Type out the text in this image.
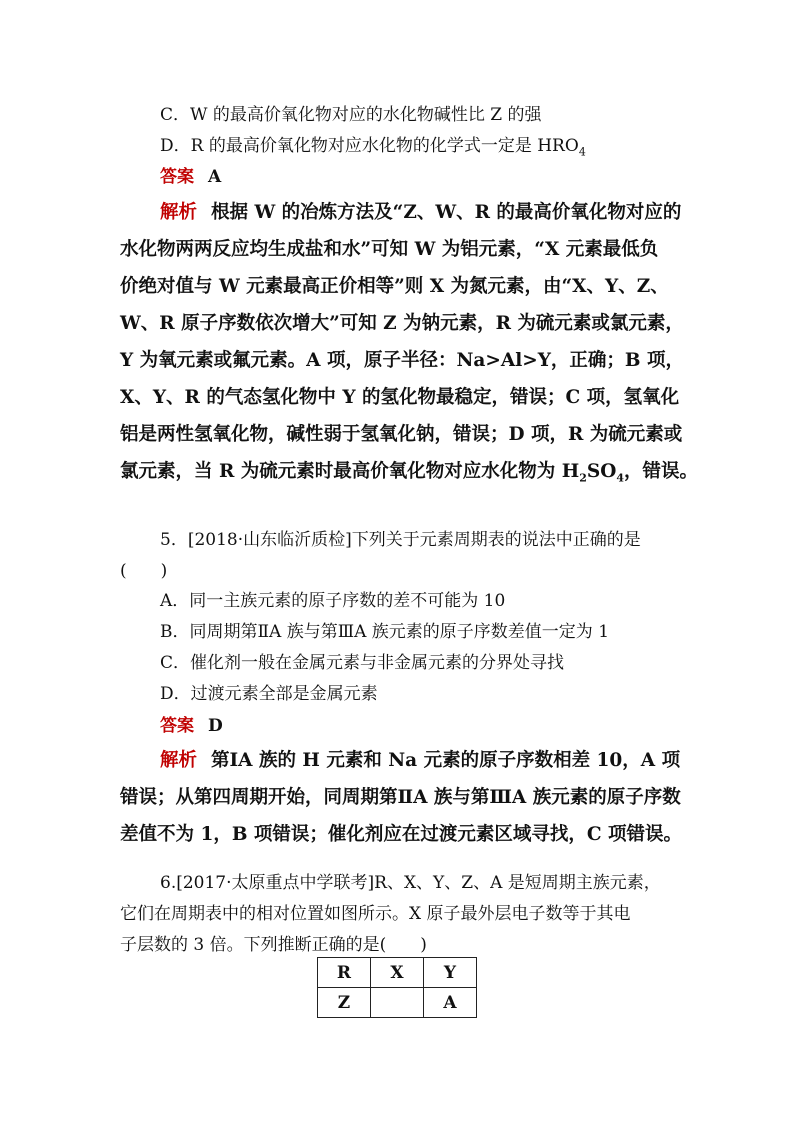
C．W 的最高价氧化物对应的水化物碱性比 Z 的强
D．R 的最高价氧化物对应水化物的化学式一定是 $HRO_4$
答案 A
解析 根据 W 的冶炼方法及“Z、W、R 的最高价氧化物对应的
水化物两两反应均生成盐和水”可知 W 为铝元素，“X 元素最低负
价绝对值与 W 元素最高正价相等”则 X 为氮元素，由“X、Y、Z、
W、R 原子序数依次增大”可知 Z 为钠元素，R 为硫元素或氯元素，
Y 为氧元素或氟元素。A 项，原子半径：Na>Al>Y，正确；B 项，
X、Y、R 的气态氢化物中 Y 的氢化物最稳定，错误；C 项，氢氧化
铝是两性氢氧化物，碱性弱于氢氧化钠，错误；D 项，R 为硫元素或
氯元素，当 R 为硫元素时最高价氧化物对应水化物为 $H_2SO_4$，错误。
5．[2018·山东临沂质检]下列关于元素周期表的说法中正确的是
(　　)
A．同一主族元素的原子序数的差不可能为 10
B．同周期第ⅡA 族与第ⅢA 族元素的原子序数差值一定为 1
C．催化剂一般在金属元素与非金属元素的分界处寻找
D．过渡元素全部是金属元素
答案 D
解析 第ⅠA 族的 H 元素和 Na 元素的原子序数相差 10，A 项
错误；从第四周期开始，同周期第ⅡA 族与第ⅢA 族元素的原子序数
差值不为 1，B 项错误；催化剂应在过渡元素区域寻找，C 项错误。
6.[2017·太原重点中学联考]R、X、Y、Z、A 是短周期主族元素，
它们在周期表中的相对位置如图所示。X 原子最外层电子数等于其电
子层数的 3 倍。下列推断正确的是(　　)
R	X	Y
Z		A
